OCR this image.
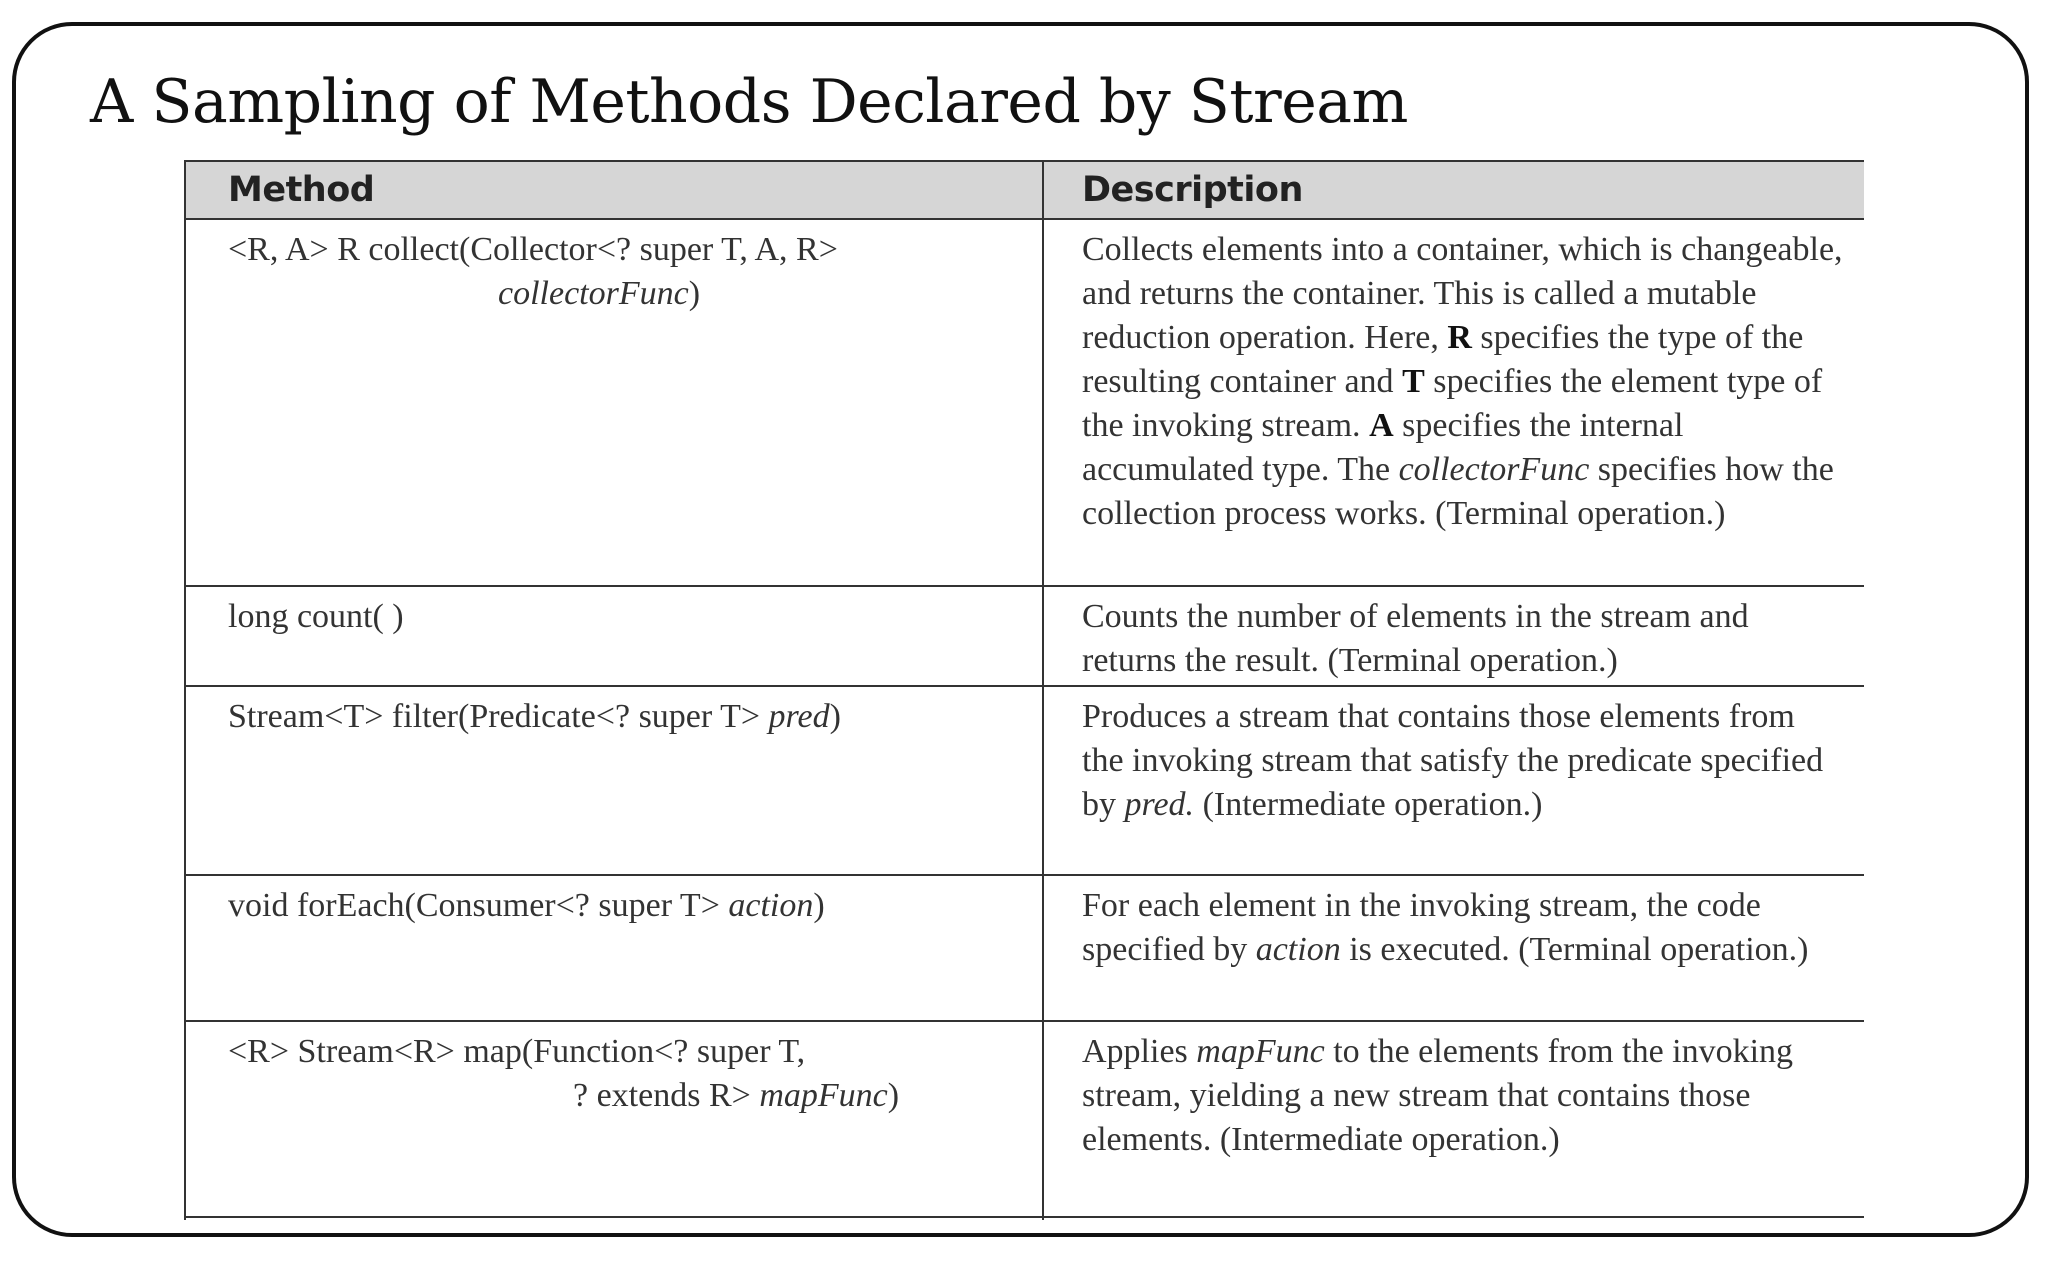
A Sampling of Methods Declared by Stream
Method	Description
<R, A> R collect(Collector<? super T, A, R>
collectorFunc)	Collects elements into a container, which is changeable, and returns the container. This is called a mutable reduction operation. Here, R specifies the type of the resulting container and T specifies the element type of the invoking stream. A specifies the internal accumulated type. The collectorFunc specifies how the collection process works. (Terminal operation.)
long count( )	Counts the number of elements in the stream and returns the result. (Terminal operation.)
Stream<T> filter(Predicate<? super T> pred)	Produces a stream that contains those elements from the invoking stream that satisfy the predicate specified by pred. (Intermediate operation.)
void forEach(Consumer<? super T> action)	For each element in the invoking stream, the code specified by action is executed. (Terminal operation.)
<R> Stream<R> map(Function<? super T,
? extends R> mapFunc)	Applies mapFunc to the elements from the invoking stream, yielding a new stream that contains those elements. (Intermediate operation.)
